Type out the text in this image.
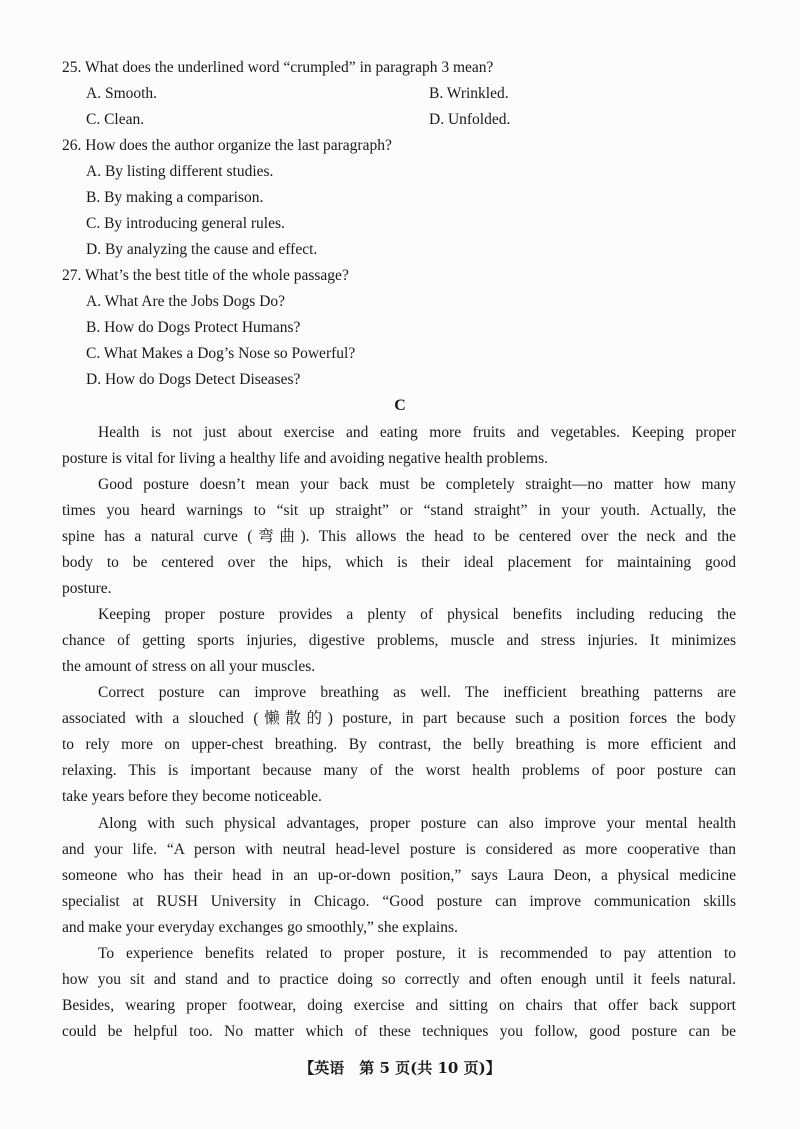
25. What does the underlined word “crumpled” in paragraph 3 mean?
A. Smooth.	B. Wrinkled.
C. Clean.	D. Unfolded.
26. How does the author organize the last paragraph?
A. By listing different studies.
B. By making a comparison.
C. By introducing general rules.
D. By analyzing the cause and effect.
27. What’s the best title of the whole passage?
A. What Are the Jobs Dogs Do?
B. How do Dogs Protect Humans?
C. What Makes a Dog’s Nose so Powerful?
D. How do Dogs Detect Diseases?
C
Health is not just about exercise and eating more fruits and vegetables. Keeping proper
posture is vital for living a healthy life and avoiding negative health problems.
Good posture doesn’t mean your back must be completely straight—no matter how many
times you heard warnings to “sit up straight” or “stand straight” in your youth. Actually, the
spine has a natural curve (弯曲). This allows the head to be centered over the neck and the
body to be centered over the hips, which is their ideal placement for maintaining good
posture.
Keeping proper posture provides a plenty of physical benefits including reducing the
chance of getting sports injuries, digestive problems, muscle and stress injuries. It minimizes
the amount of stress on all your muscles.
Correct posture can improve breathing as well. The inefficient breathing patterns are
associated with a slouched (懒散的) posture, in part because such a position forces the body
to rely more on upper-chest breathing. By contrast, the belly breathing is more efficient and
relaxing. This is important because many of the worst health problems of poor posture can
take years before they become noticeable.
Along with such physical advantages, proper posture can also improve your mental health
and your life. “A person with neutral head-level posture is considered as more cooperative than
someone who has their head in an up-or-down position,” says Laura Deon, a physical medicine
specialist at RUSH University in Chicago. “Good posture can improve communication skills
and make your everyday exchanges go smoothly,” she explains.
To experience benefits related to proper posture, it is recommended to pay attention to
how you sit and stand and to practice doing so correctly and often enough until it feels natural.
Besides, wearing proper footwear, doing exercise and sitting on chairs that offer back support
could be helpful too. No matter which of these techniques you follow, good posture can be
【英语　第 5 页(共 10 页)】
